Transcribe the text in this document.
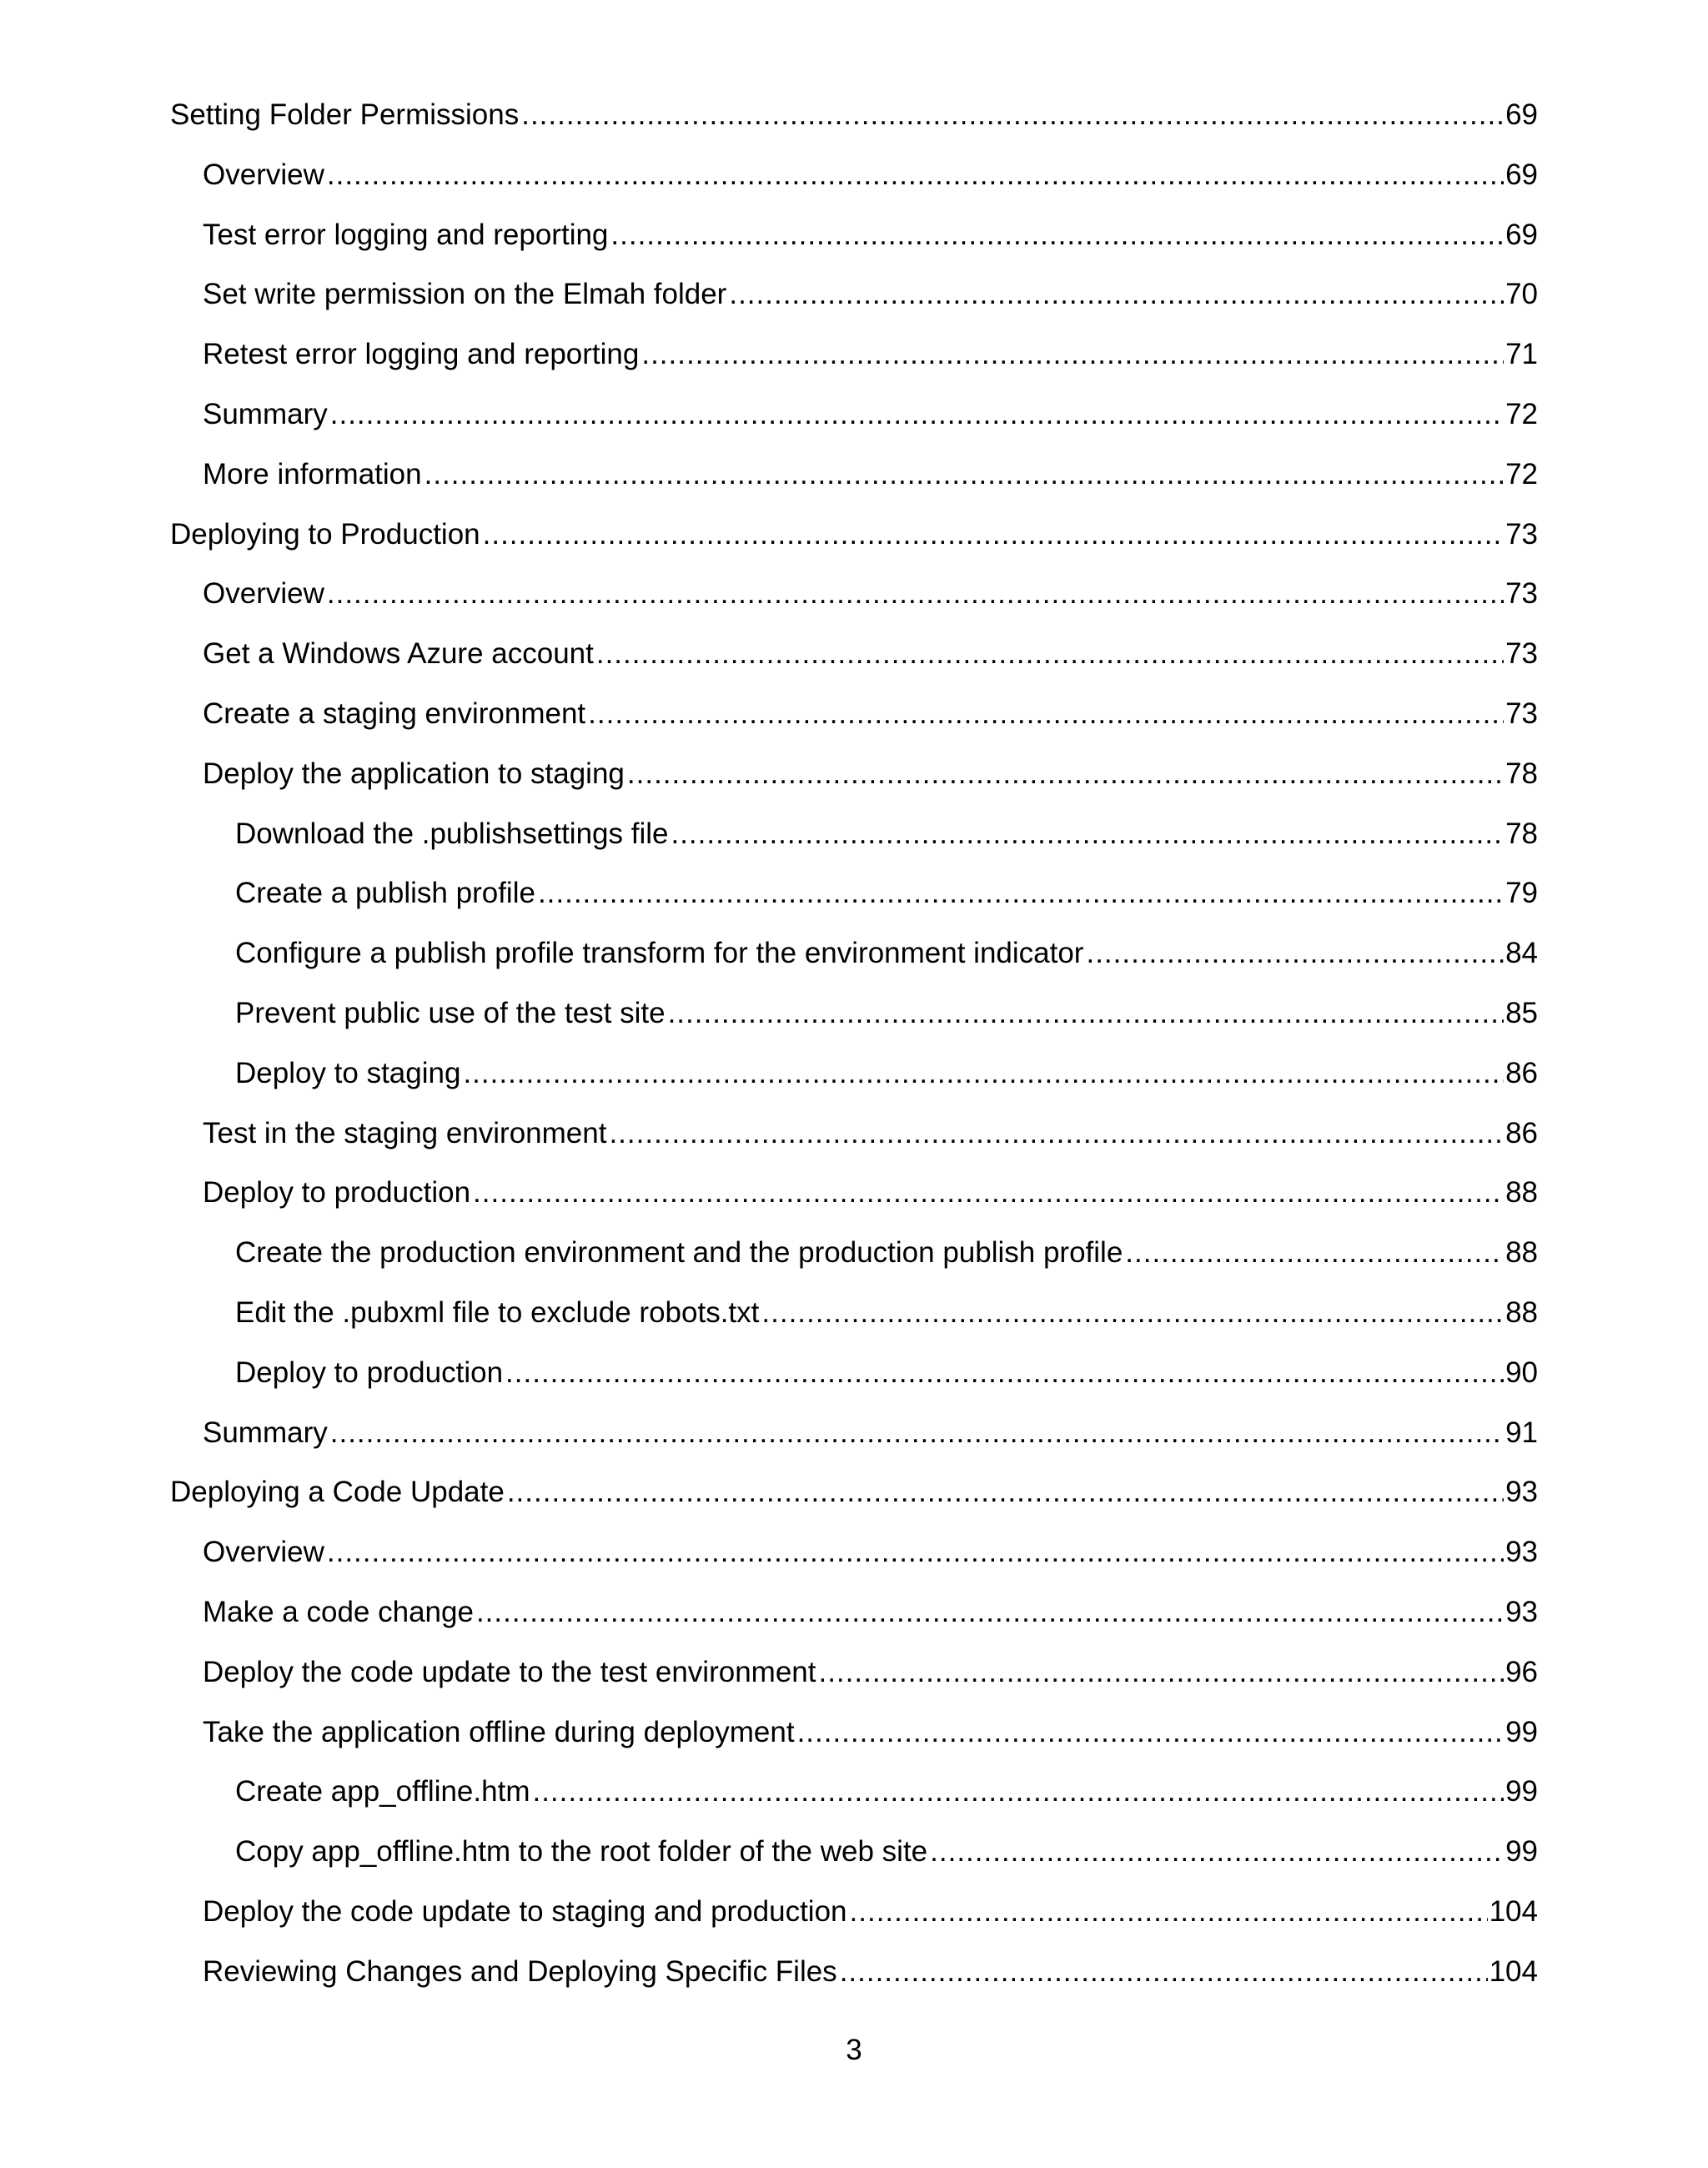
Setting Folder Permissions .....	69
Overview .....	69
Test error logging and reporting .....	69
Set write permission on the Elmah folder .....	70
Retest error logging and reporting .....	71
Summary .....	72
More information .....	72
Deploying to Production .....	73
Overview .....	73
Get a Windows Azure account .....	73
Create a staging environment .....	73
Deploy the application to staging .....	78
Download the .publishsettings file .....	78
Create a publish profile .....	79
Configure a publish profile transform for the environment indicator .....	84
Prevent public use of the test site .....	85
Deploy to staging .....	86
Test in the staging environment .....	86
Deploy to production .....	88
Create the production environment and the production publish profile .....	88
Edit the .pubxml file to exclude robots.txt .....	88
Deploy to production .....	90
Summary .....	91
Deploying a Code Update .....	93
Overview .....	93
Make a code change .....	93
Deploy the code update to the test environment .....	96
Take the application offline during deployment .....	99
Create app_offline.htm .....	99
Copy app_offline.htm to the root folder of the web site .....	99
Deploy the code update to staging and production .....	104
Reviewing Changes and Deploying Specific Files .....	104
3
